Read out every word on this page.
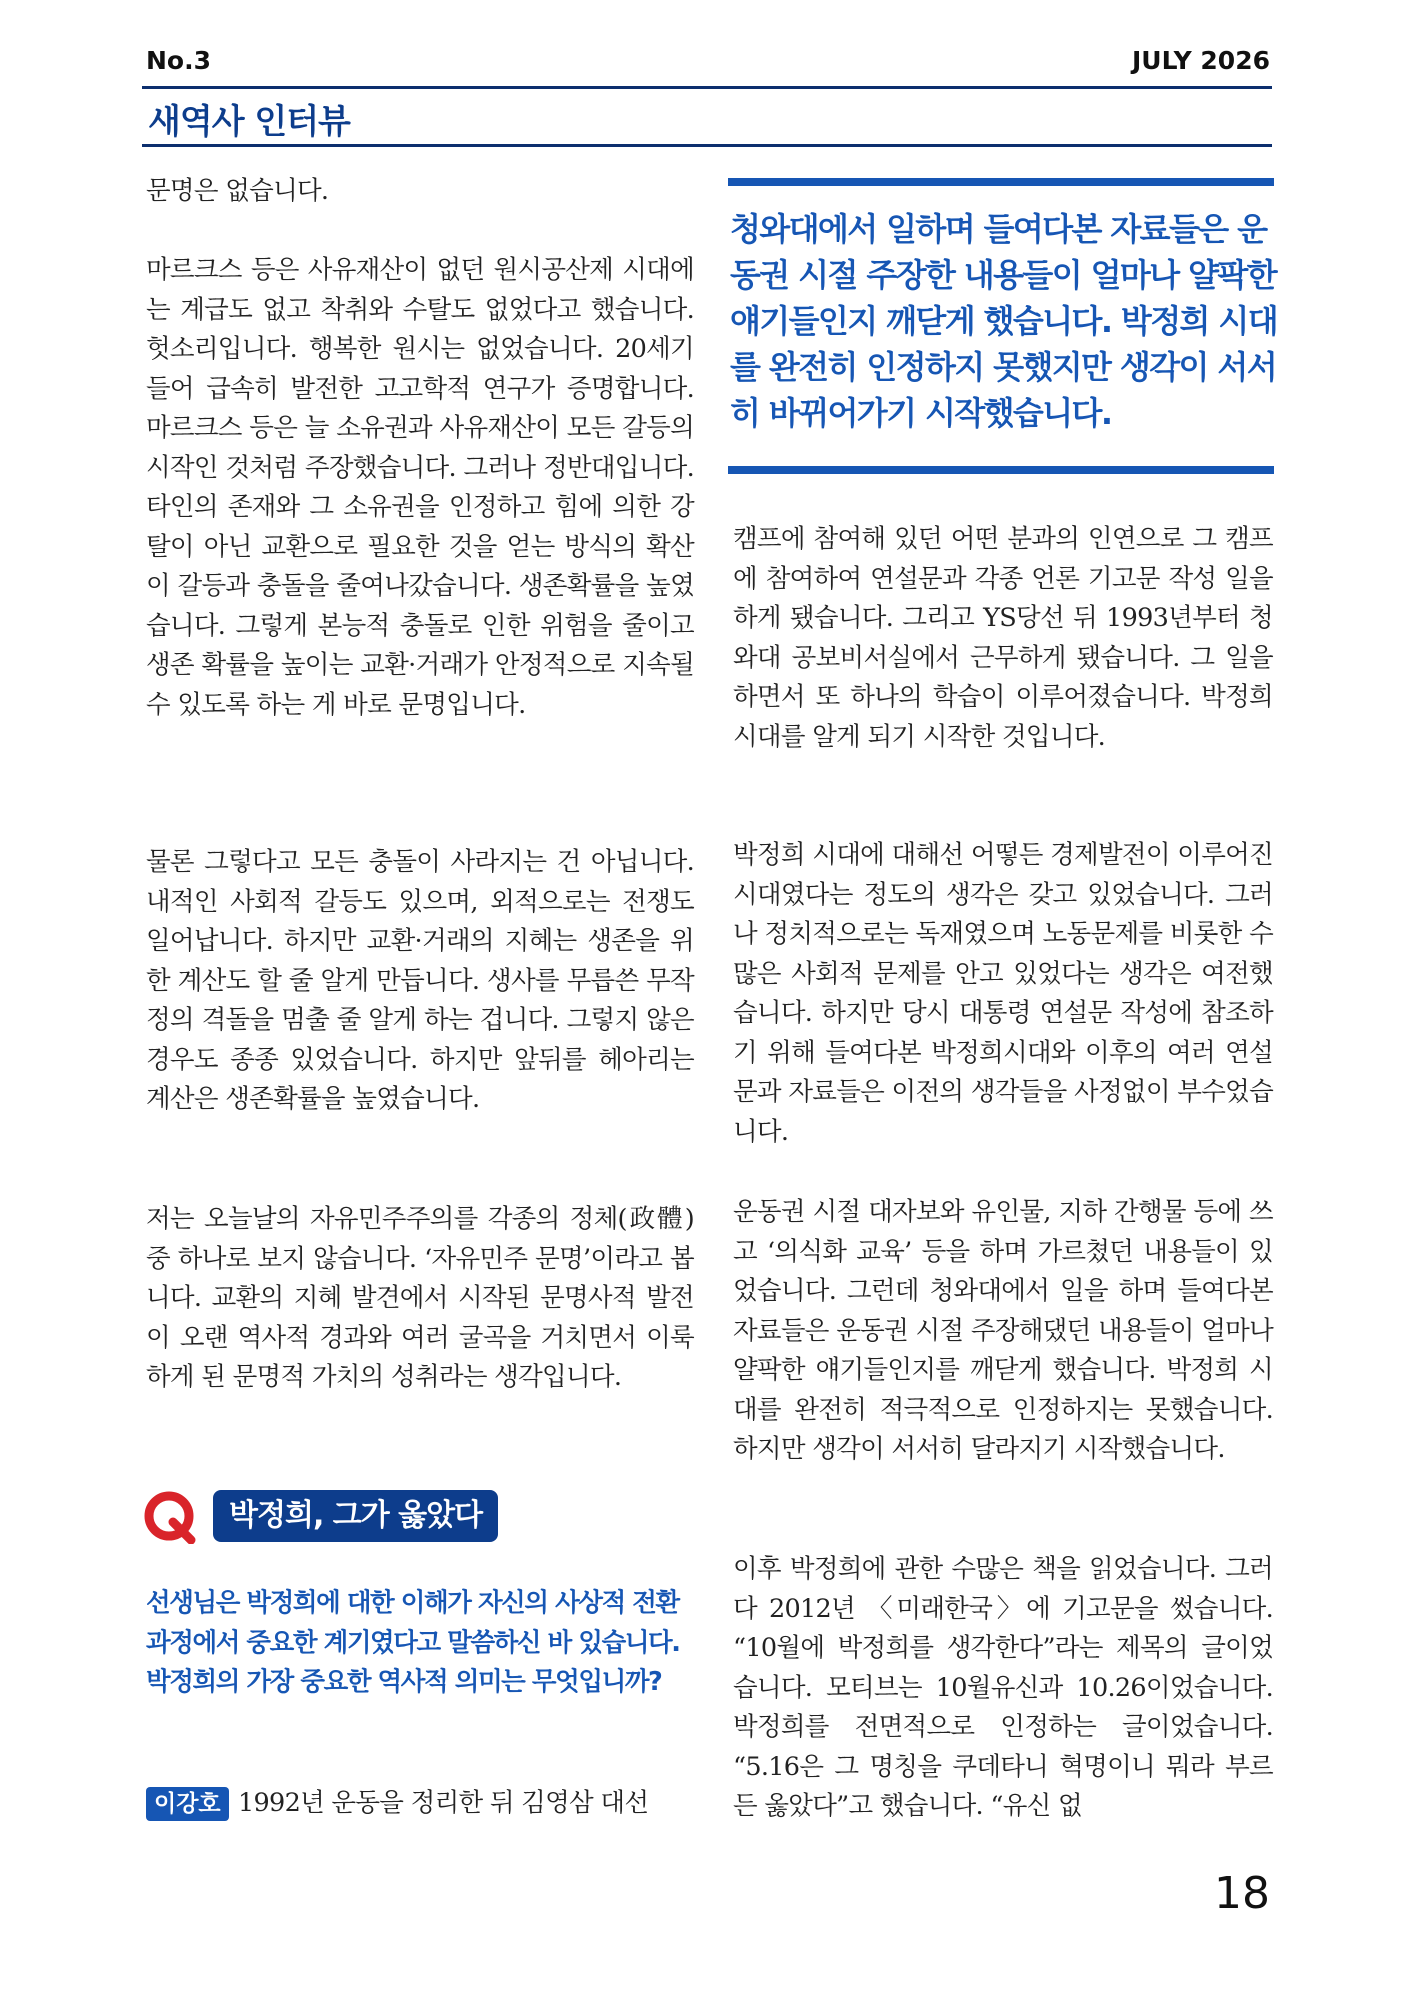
No.3	JULY 2026
새역사 인터뷰

문명은 없습니다.

마르크스 등은 사유재산이 없던 원시공산제 시대에는 계급도 없고 착취와 수탈도 없었다고 했습니다. 헛소리입니다. 행복한 원시는 없었습니다. 20세기 들어 급속히 발전한 고고학적 연구가 증명합니다. 마르크스 등은 늘 소유권과 사유재산이 모든 갈등의 시작인 것처럼 주장했습니다. 그러나 정반대입니다. 타인의 존재와 그 소유권을 인정하고 힘에 의한 강탈이 아닌 교환으로 필요한 것을 얻는 방식의 확산이 갈등과 충돌을 줄여나갔습니다. 생존확률을 높였습니다. 그렇게 본능적 충돌로 인한 위험을 줄이고 생존 확률을 높이는 교환·거래가 안정적으로 지속될 수 있도록 하는 게 바로 문명입니다.

물론 그렇다고 모든 충돌이 사라지는 건 아닙니다. 내적인 사회적 갈등도 있으며, 외적으로는 전쟁도 일어납니다. 하지만 교환·거래의 지혜는 생존을 위한 계산도 할 줄 알게 만듭니다. 생사를 무릅쓴 무작정의 격돌을 멈출 줄 알게 하는 겁니다. 그렇지 않은 경우도 종종 있었습니다. 하지만 앞뒤를 헤아리는 계산은 생존확률을 높였습니다.

저는 오늘날의 자유민주주의를 각종의 정체(政體) 중 하나로 보지 않습니다. ‘자유민주 문명’이라고 봅니다. 교환의 지혜 발견에서 시작된 문명사적 발전이 오랜 역사적 경과와 여러 굴곡을 거치면서 이룩하게 된 문명적 가치의 성취라는 생각입니다.

박정희, 그가 옳았다

선생님은 박정희에 대한 이해가 자신의 사상적 전환 과정에서 중요한 계기였다고 말씀하신 바 있습니다. 박정희의 가장 중요한 역사적 의미는 무엇입니까?

이강호 1992년 운동을 정리한 뒤 김영삼 대선

청와대에서 일하며 들여다본 자료들은 운동권 시절 주장한 내용들이 얼마나 얄팍한 얘기들인지 깨닫게 했습니다. 박정희 시대를 완전히 인정하지 못했지만 생각이 서서히 바뀌어가기 시작했습니다.

캠프에 참여해 있던 어떤 분과의 인연으로 그 캠프에 참여하여 연설문과 각종 언론 기고문 작성 일을 하게 됐습니다. 그리고 YS당선 뒤 1993년부터 청와대 공보비서실에서 근무하게 됐습니다. 그 일을 하면서 또 하나의 학습이 이루어졌습니다. 박정희 시대를 알게 되기 시작한 것입니다.

박정희 시대에 대해선 어떻든 경제발전이 이루어진 시대였다는 정도의 생각은 갖고 있었습니다. 그러나 정치적으로는 독재였으며 노동문제를 비롯한 수많은 사회적 문제를 안고 있었다는 생각은 여전했습니다. 하지만 당시 대통령 연설문 작성에 참조하기 위해 들여다본 박정희시대와 이후의 여러 연설문과 자료들은 이전의 생각들을 사정없이 부수었습니다.

운동권 시절 대자보와 유인물, 지하 간행물 등에 쓰고 ‘의식화 교육’ 등을 하며 가르쳤던 내용들이 있었습니다. 그런데 청와대에서 일을 하며 들여다본 자료들은 운동권 시절 주장해댔던 내용들이 얼마나 얄팍한 얘기들인지를 깨닫게 했습니다. 박정희 시대를 완전히 적극적으로 인정하지는 못했습니다. 하지만 생각이 서서히 달라지기 시작했습니다.

이후 박정희에 관한 수많은 책을 읽었습니다. 그러다 2012년 〈미래한국〉에 기고문을 썼습니다. “10월에 박정희를 생각한다”라는 제목의 글이었습니다. 모티브는 10월유신과 10.26이었습니다. 박정희를 전면적으로 인정하는 글이었습니다. “5.16은 그 명칭을 쿠데타니 혁명이니 뭐라 부르든 옳았다”고 했습니다. “유신 없

18
